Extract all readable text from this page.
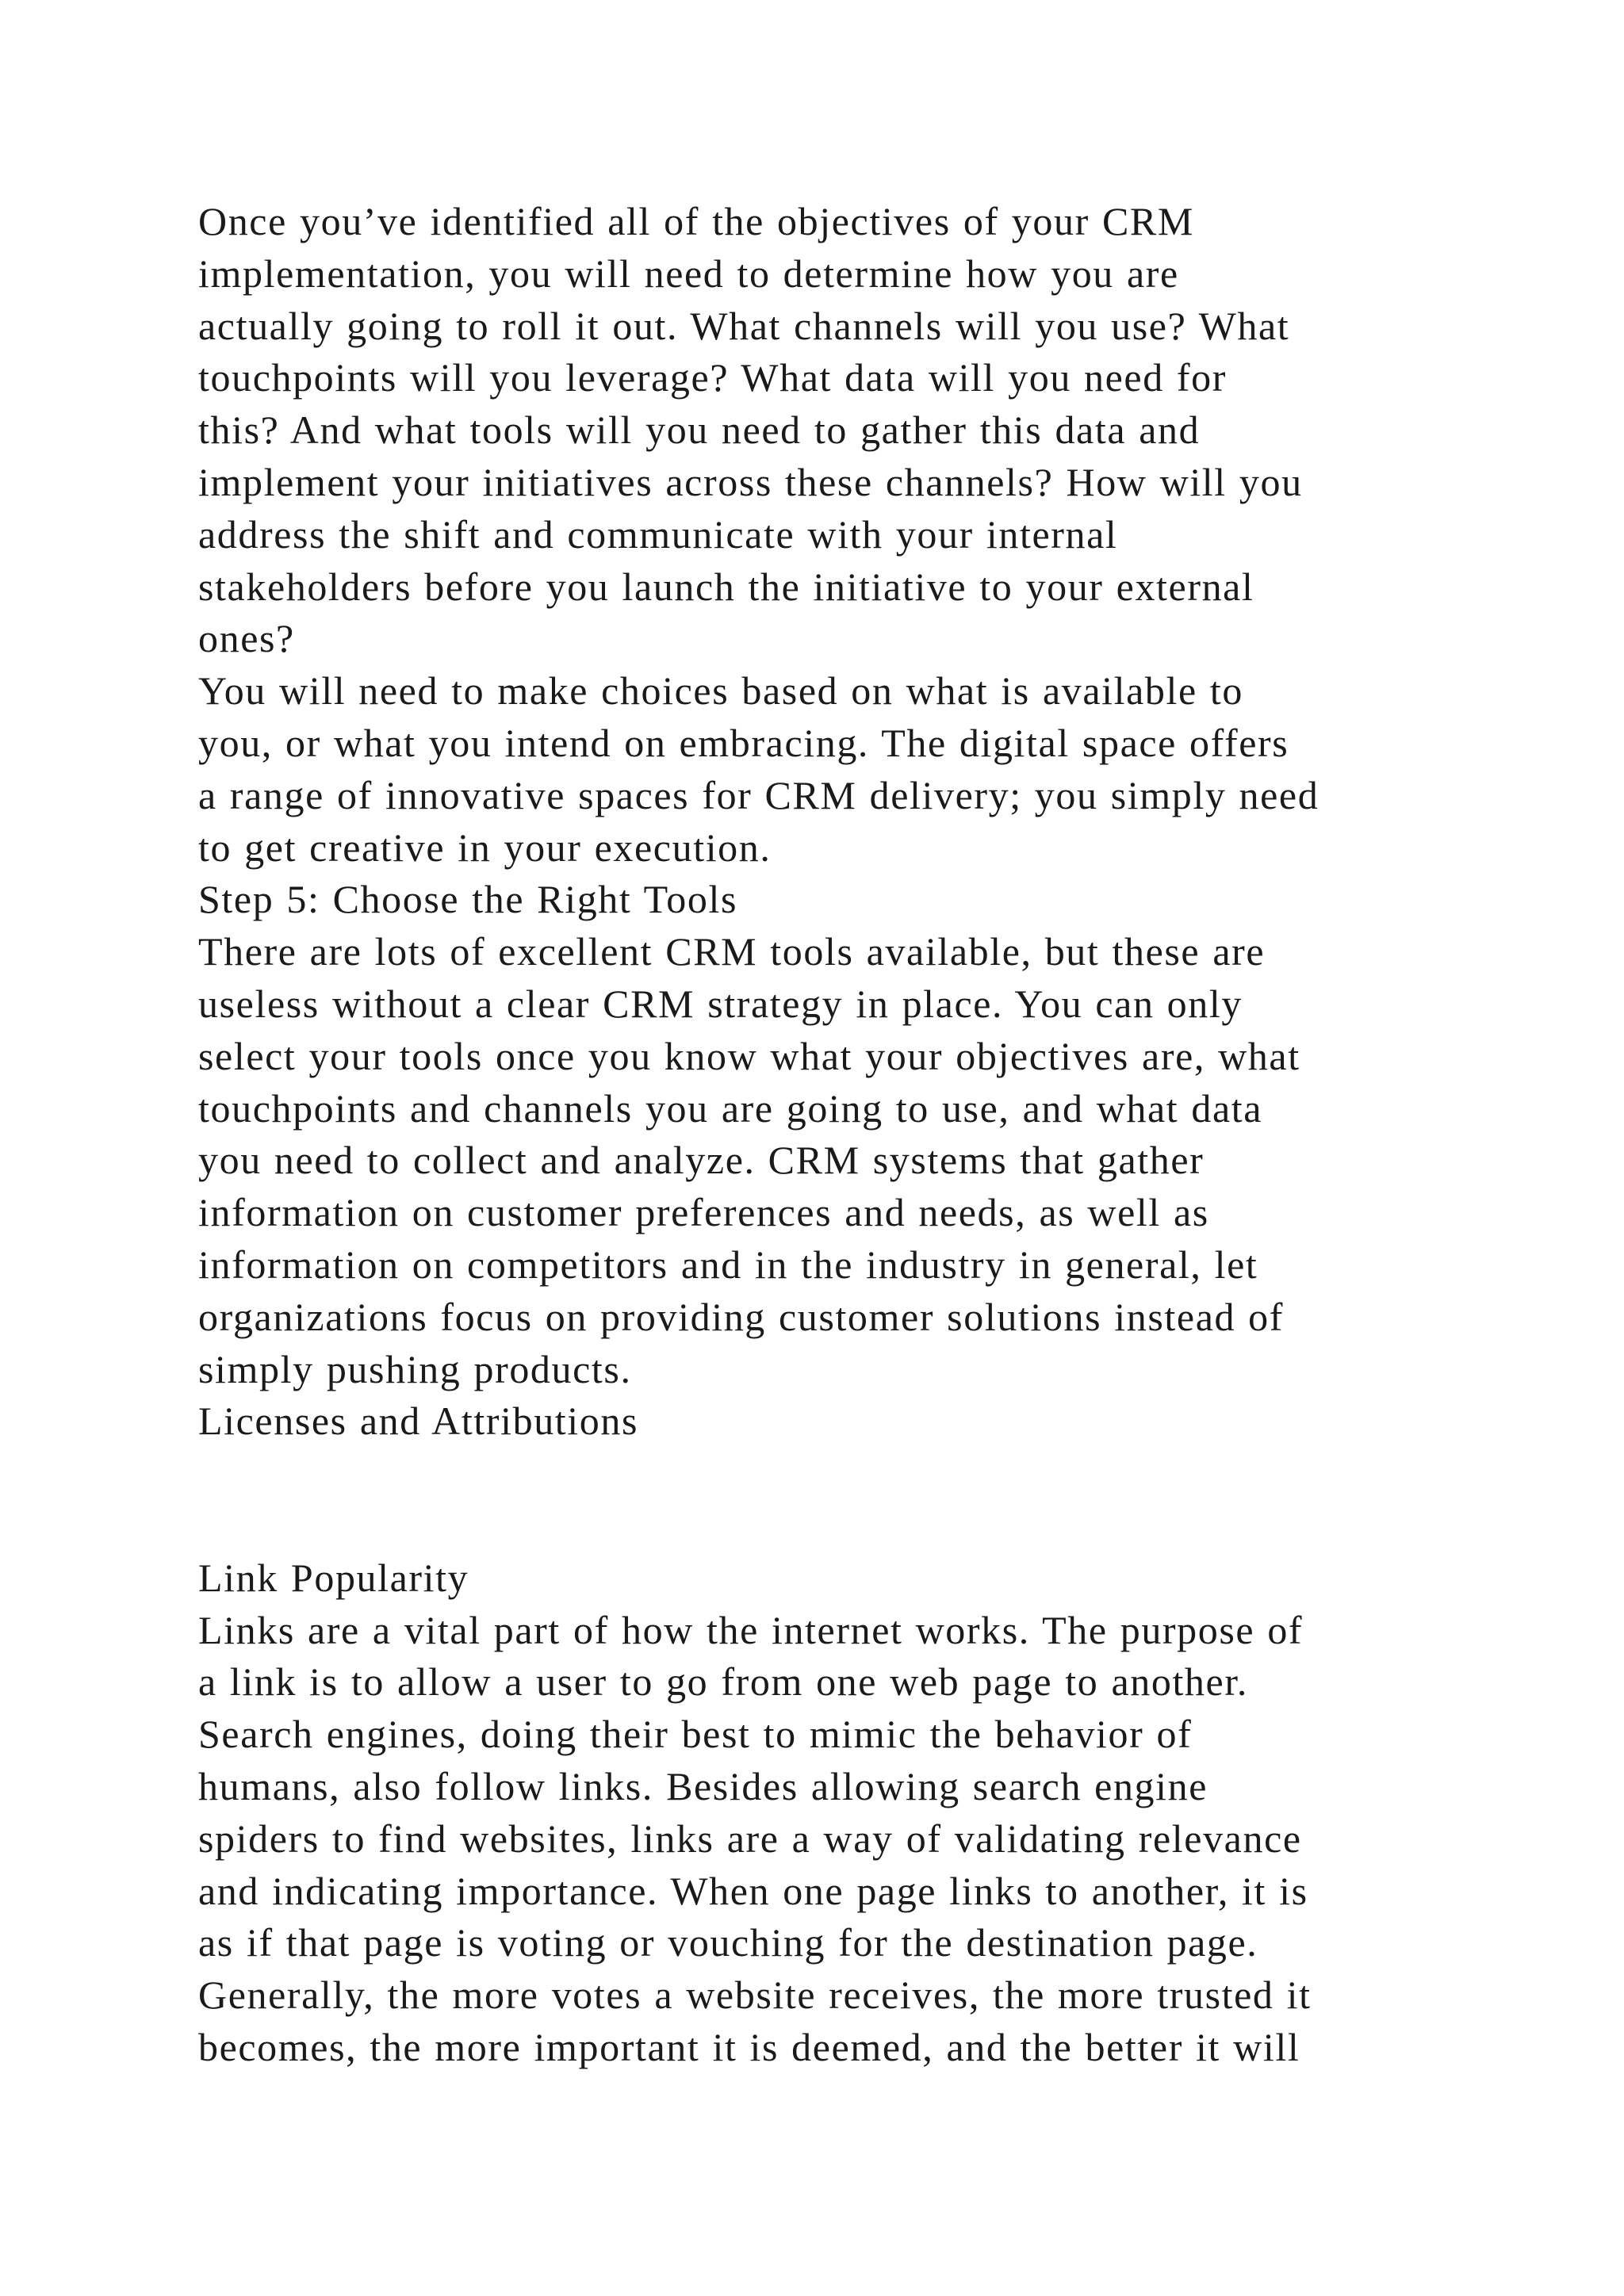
Once you’ve identified all of the objectives of your CRM
implementation, you will need to determine how you are
actually going to roll it out. What channels will you use? What
touchpoints will you leverage? What data will you need for
this? And what tools will you need to gather this data and
implement your initiatives across these channels? How will you
address the shift and communicate with your internal
stakeholders before you launch the initiative to your external
ones?
You will need to make choices based on what is available to
you, or what you intend on embracing. The digital space offers
a range of innovative spaces for CRM delivery; you simply need
to get creative in your execution.
Step 5: Choose the Right Tools
There are lots of excellent CRM tools available, but these are
useless without a clear CRM strategy in place. You can only
select your tools once you know what your objectives are, what
touchpoints and channels you are going to use, and what data
you need to collect and analyze. CRM systems that gather
information on customer preferences and needs, as well as
information on competitors and in the industry in general, let
organizations focus on providing customer solutions instead of
simply pushing products.
Licenses and Attributions
Link Popularity
Links are a vital part of how the internet works. The purpose of
a link is to allow a user to go from one web page to another.
Search engines, doing their best to mimic the behavior of
humans, also follow links. Besides allowing search engine
spiders to find websites, links are a way of validating relevance
and indicating importance. When one page links to another, it is
as if that page is voting or vouching for the destination page.
Generally, the more votes a website receives, the more trusted it
becomes, the more important it is deemed, and the better it will
